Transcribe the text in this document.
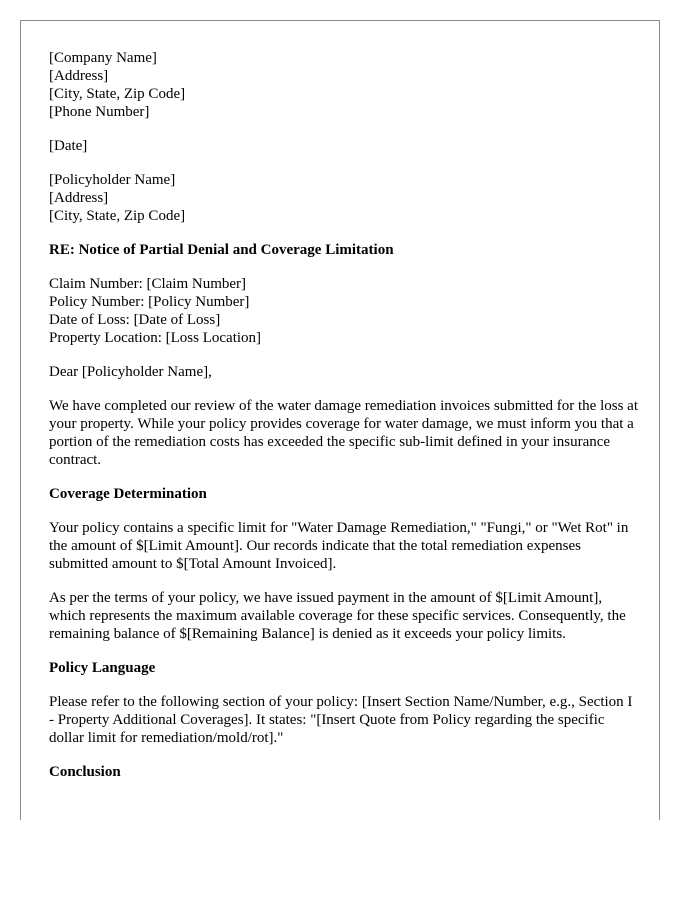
[Company Name]
[Address]
[City, State, Zip Code]
[Phone Number]
[Date]
[Policyholder Name]
[Address]
[City, State, Zip Code]
RE: Notice of Partial Denial and Coverage Limitation
Claim Number: [Claim Number]
Policy Number: [Policy Number]
Date of Loss: [Date of Loss]
Property Location: [Loss Location]

Dear [Policyholder Name],

We have completed our review of the water damage remediation invoices submitted for the loss at your property. While your policy provides coverage for water damage, we must inform you that a portion of the remediation costs has exceeded the specific sub-limit defined in your insurance contract.

Coverage Determination

Your policy contains a specific limit for "Water Damage Remediation," "Fungi," or "Wet Rot" in the amount of $[Limit Amount]. Our records indicate that the total remediation expenses submitted amount to $[Total Amount Invoiced].

As per the terms of your policy, we have issued payment in the amount of $[Limit Amount], which represents the maximum available coverage for these specific services. Consequently, the remaining balance of $[Remaining Balance] is denied as it exceeds your policy limits.

Policy Language

Please refer to the following section of your policy: [Insert Section Name/Number, e.g., Section I - Property Additional Coverages]. It states: "[Insert Quote from Policy regarding the specific dollar limit for remediation/mold/rot]."

Conclusion
